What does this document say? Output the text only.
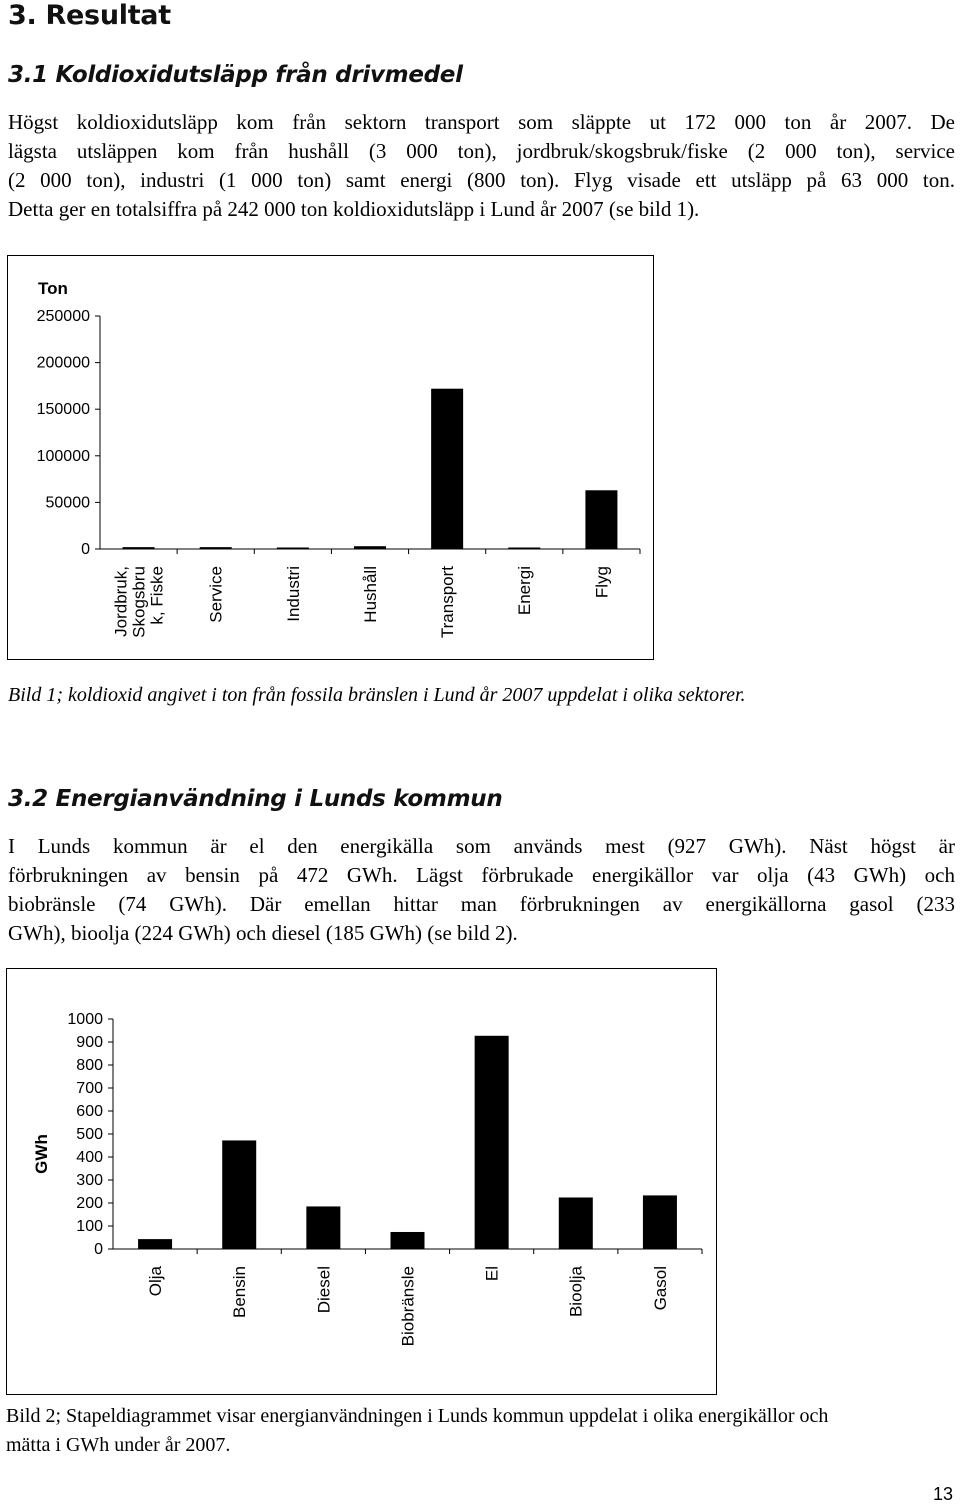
3. Resultat
3.1 Koldioxidutsläpp från drivmedel
Högst koldioxidutsläpp kom från sektorn transport som släppte ut 172 000 ton år 2007. De
lägsta utsläppen kom från hushåll (3 000 ton), jordbruk/skogsbruk/fiske (2 000 ton), service
(2 000 ton), industri (1 000 ton) samt energi (800 ton). Flyg visade ett utsläpp på 63 000 ton.
Detta ger en totalsiffra på 242 000 ton koldioxidutsläpp i Lund år 2007 (se bild 1).
0
50000
100000
150000
200000
250000
Ton
Jordbruk,Skogsbruk, Fiske Service	Industri	Hushåll	Transport	Energi	Flyg
Bild 1; koldioxid angivet i ton från fossila bränslen i Lund år 2007 uppdelat i olika sektorer.
3.2 Energianvändning i Lunds kommun
I Lunds kommun är el den energikälla som används mest (927 GWh). Näst högst är
förbrukningen av bensin på 472 GWh. Lägst förbrukade energikällor var olja (43 GWh) och
biobränsle (74 GWh). Där emellan hittar man förbrukningen av energikällorna gasol (233
GWh), bioolja (224 GWh) och diesel (185 GWh) (se bild 2).
0
100
200
300
400
500
600
700
800
900
1000
GWh
Olja	Bensin	Diesel	Biobränsle	El	Bioolja	Gasol
Bild 2; Stapeldiagrammet visar energianvändningen i Lunds kommun uppdelat i olika energikällor och
mätta i GWh under år 2007.
13
